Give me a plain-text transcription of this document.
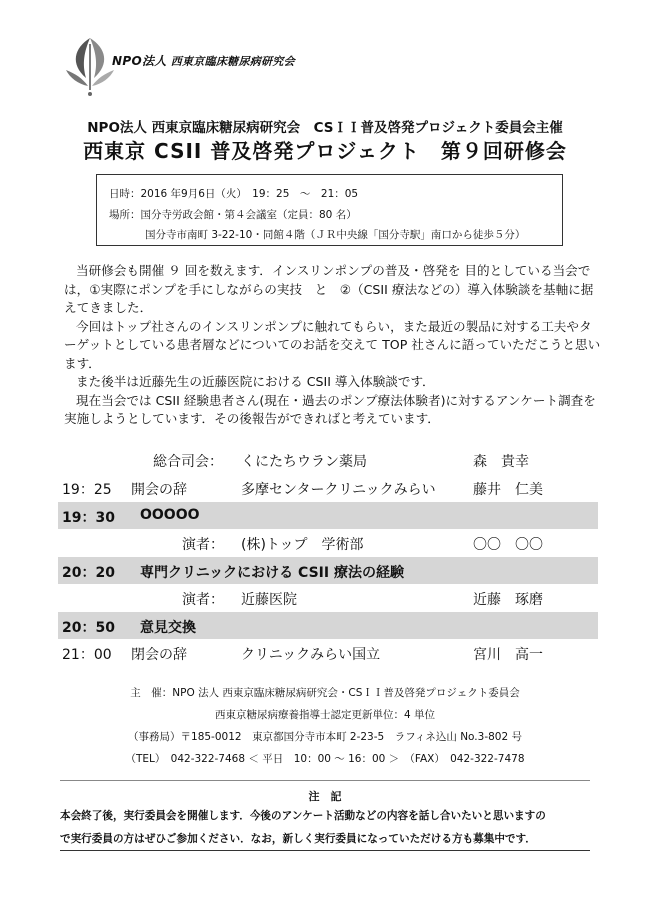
NPO法人 西東京臨床糖尿病研究会
NPO法人 西東京臨床糖尿病研究会　CSＩＩ普及啓発プロジェクト委員会主催
西東京 CSII 普及啓発プロジェクト　第９回研修会
日時：2016 年9月6日（火）　19：25　～　21：05
場所：国分寺労政会館・第４会議室（定員：80 名）
国分寺市南町 3-22-10・同館４階（ＪＲ中央線「国分寺駅」南口から徒歩５分）

当研修会も開催 ９ 回を数えます．インスリンポンプの普及・啓発を 目的としている当会では，①実際にポンプを手にしながらの実技　と　②（CSII 療法などの）導入体験談を基軸に据えてきました．

今回はトップ社さんのインスリンポンプに触れてもらい，また最近の製品に対する工夫やターゲットとしている患者層などについてのお話を交えて TOP 社さんに語っていただこうと思います．

また後半は近藤先生の近藤医院における CSII 導入体験談です．

現在当会では CSII 経験患者さん(現在・過去のポンプ療法体験者)に対するアンケート調査を実施しようとしています．その後報告ができればと考えています．

総合司会： くにたちウラン薬局	森　貴幸
19：25 開会の辞	多摩センタークリニックみらい	藤井　仁美
19：30 OOOOO
演者： (株)トップ　学術部	〇〇　〇〇
20：20 専門クリニックにおける CSII 療法の経験
演者： 近藤医院	近藤　琢磨
20：50 意見交換
21：00 閉会の辞	クリニックみらい国立	宮川　高一
主　催：NPO 法人 西東京臨床糖尿病研究会・CSＩＩ普及啓発プロジェクト委員会
西東京糖尿病療養指導士認定更新単位：4 単位
（事務局）〒185-0012　東京都国分寺市本町 2-23-5　ラフィネ込山 No.3-802 号
（TEL）　042-322-7468 ＜ 平日　10：00 ～ 16：00 ＞　（FAX）　042-322-7478
注　記
本会終了後，実行委員会を開催します．今後のアンケート活動などの内容を話し合いたいと思いますの
で実行委員の方はぜひご参加ください．なお，新しく実行委員になっていただける方も募集中です．
